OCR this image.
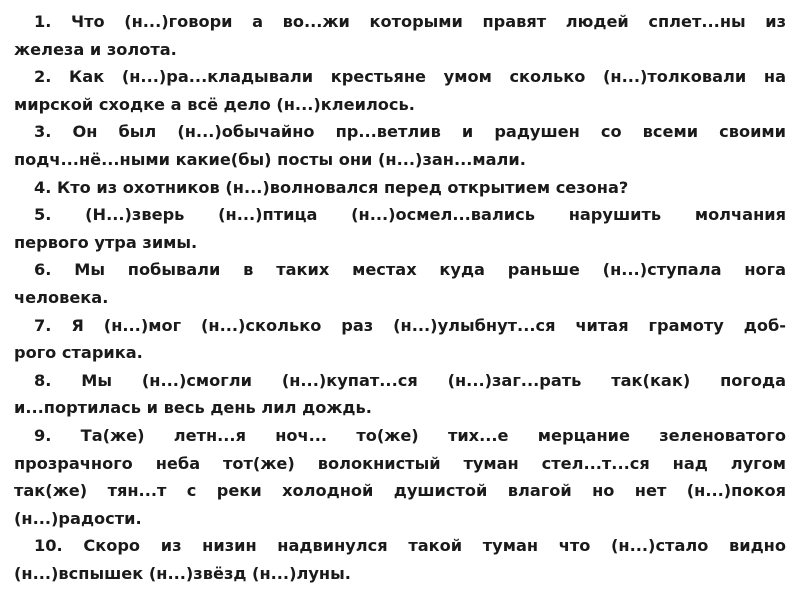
1. Что (н...)говори а во...жи которыми правят людей сплет...ны из
железа и золота.
2. Как (н...)ра...кладывали крестьяне умом сколько (н...)толковали на
мирской сходке а всё дело (н...)клеилось.
3. Он был (н...)обычайно пр...ветлив и радушен со всеми своими
подч...нё...ными какие(бы) посты они (н...)зан...мали.
4. Кто из охотников (н...)волновался перед открытием сезона?
5. (Н...)зверь (н...)птица (н...)осмел...вались нарушить молчания
первого утра зимы.
6. Мы побывали в таких местах куда раньше (н...)ступала нога
человека.
7. Я (н...)мог (н...)сколько раз (н...)улыбнут...ся читая грамоту доб-
рого старика.
8. Мы (н...)смогли (н...)купат...ся (н...)заг...рать так(как) погода
и...портилась и весь день лил дождь.
9. Та(же) летн...я ноч... то(же) тих...е мерцание зеленоватого
прозрачного неба тот(же) волокнистый туман стел...т...ся над лугом
так(же) тян...т с реки холодной душистой влагой но нет (н...)покоя
(н...)радости.
10. Скоро из низин надвинулся такой туман что (н...)стало видно
(н...)вспышек (н...)звёзд (н...)луны.
